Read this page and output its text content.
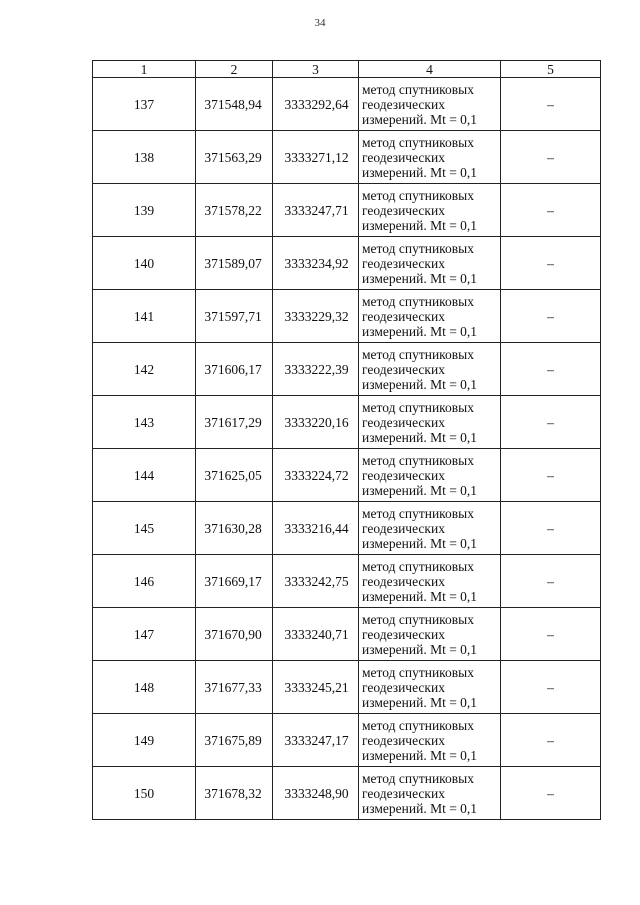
34
1	2	3	4	5
137	371548,94	3333292,64	метод спутниковых
геодезических
измерений. Mt = 0,1	–
138	371563,29	3333271,12	метод спутниковых
геодезических
измерений. Mt = 0,1	–
139	371578,22	3333247,71	метод спутниковых
геодезических
измерений. Mt = 0,1	–
140	371589,07	3333234,92	метод спутниковых
геодезических
измерений. Mt = 0,1	–
141	371597,71	3333229,32	метод спутниковых
геодезических
измерений. Mt = 0,1	–
142	371606,17	3333222,39	метод спутниковых
геодезических
измерений. Mt = 0,1	–
143	371617,29	3333220,16	метод спутниковых
геодезических
измерений. Mt = 0,1	–
144	371625,05	3333224,72	метод спутниковых
геодезических
измерений. Mt = 0,1	–
145	371630,28	3333216,44	метод спутниковых
геодезических
измерений. Mt = 0,1	–
146	371669,17	3333242,75	метод спутниковых
геодезических
измерений. Mt = 0,1	–
147	371670,90	3333240,71	метод спутниковых
геодезических
измерений. Mt = 0,1	–
148	371677,33	3333245,21	метод спутниковых
геодезических
измерений. Mt = 0,1	–
149	371675,89	3333247,17	метод спутниковых
геодезических
измерений. Mt = 0,1	–
150	371678,32	3333248,90	метод спутниковых
геодезических
измерений. Mt = 0,1	–
